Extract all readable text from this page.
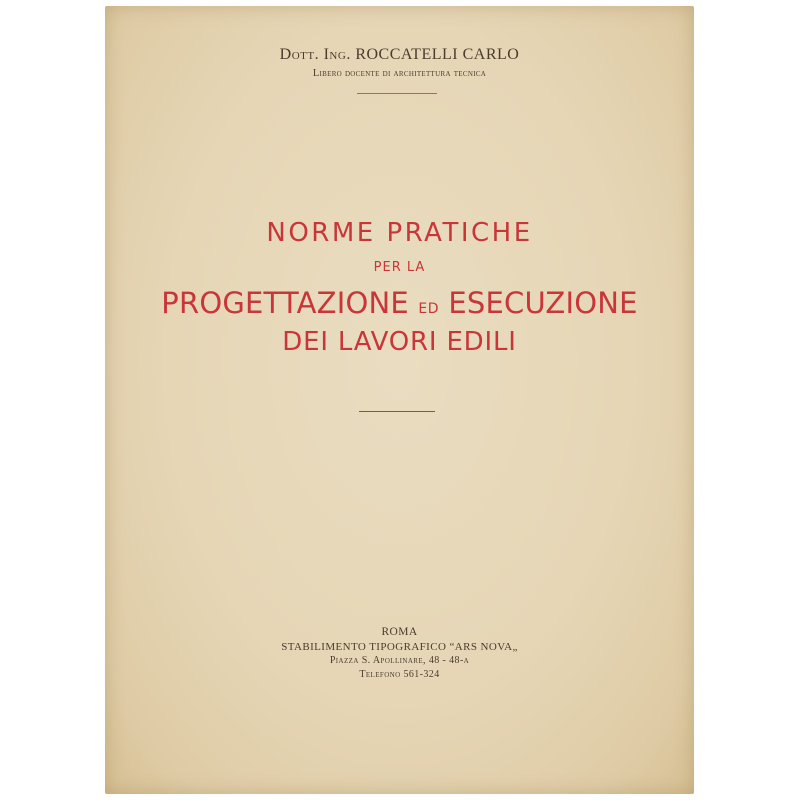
Dott. Ing. ROCCATELLI CARLO
Libero docente di architettura tecnica
NORME PRATICHE
PER LA
PROGETTAZIONE ED ESECUZIONE
DEI LAVORI EDILI
ROMA
STABILIMENTO TIPOGRAFICO “ARS NOVA„
Piazza S. Apollinare, 48 - 48-a
Telefono 561-324
